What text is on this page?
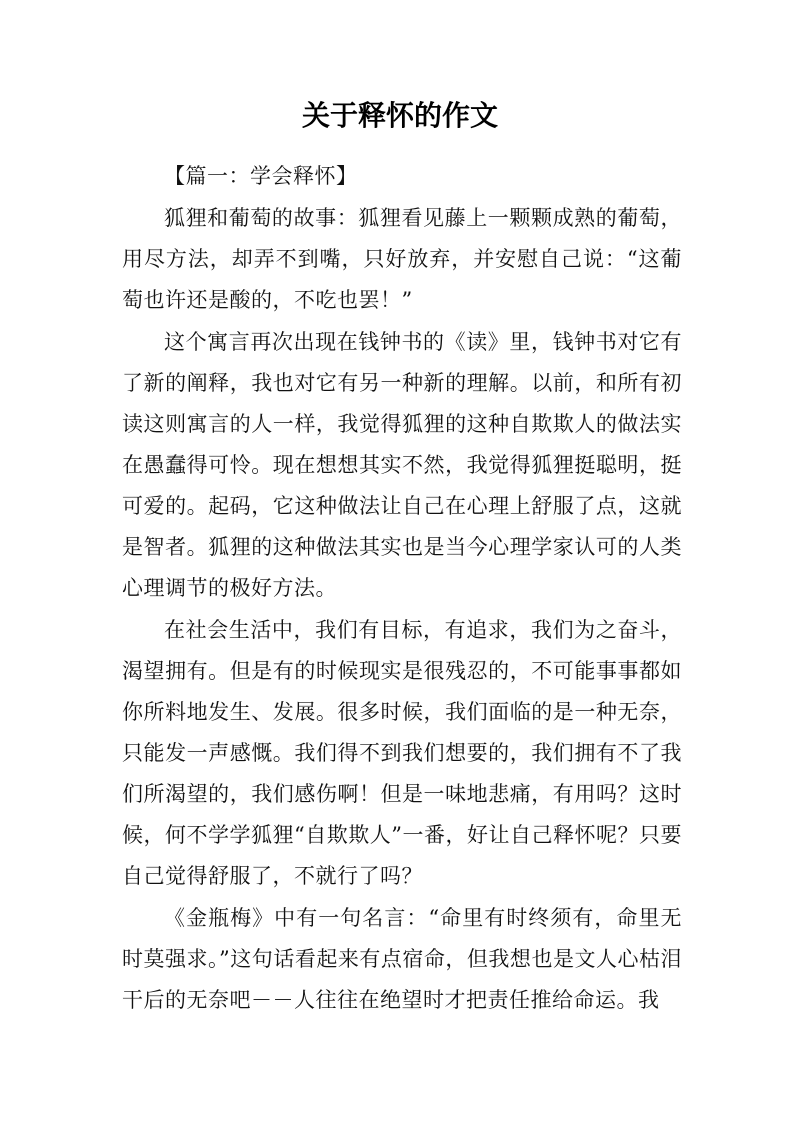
关于释怀的作文

【篇一：学会释怀】

狐狸和葡萄的故事：狐狸看见藤上一颗颗成熟的葡萄，用尽方法，却弄不到嘴，只好放弃，并安慰自己说：“这葡萄也许还是酸的，不吃也罢！”

这个寓言再次出现在钱钟书的《读》里，钱钟书对它有了新的阐释，我也对它有另一种新的理解。以前，和所有初读这则寓言的人一样，我觉得狐狸的这种自欺欺人的做法实在愚蠢得可怜。现在想想其实不然，我觉得狐狸挺聪明，挺可爱的。起码，它这种做法让自己在心理上舒服了点，这就是智者。狐狸的这种做法其实也是当今心理学家认可的人类心理调节的极好方法。

在社会生活中，我们有目标，有追求，我们为之奋斗，渴望拥有。但是有的时候现实是很残忍的，不可能事事都如你所料地发生、发展。很多时候，我们面临的是一种无奈，只能发一声感慨。我们得不到我们想要的，我们拥有不了我们所渴望的，我们感伤啊！但是一味地悲痛，有用吗？这时候，何不学学狐狸“自欺欺人”一番，好让自己释怀呢？只要自己觉得舒服了，不就行了吗？

《金瓶梅》中有一句名言：“命里有时终须有，命里无时莫强求。”这句话看起来有点宿命，但我想也是文人心枯泪干后的无奈吧－－人往往在绝望时才把责任推给命运。我
